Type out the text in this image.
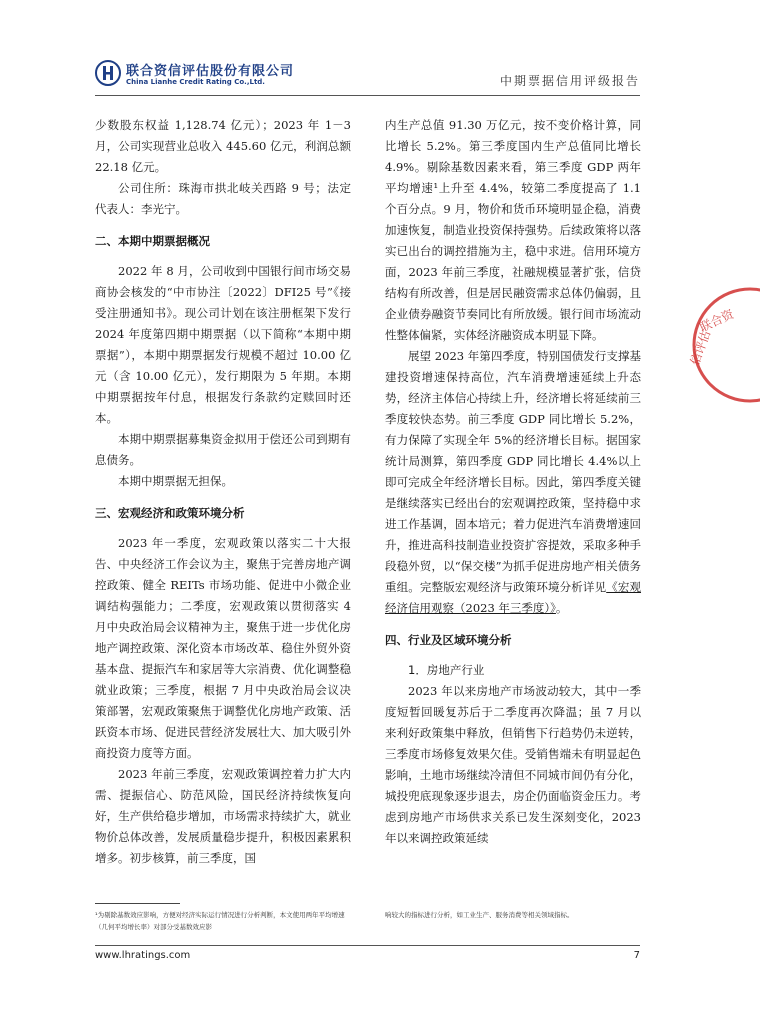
联合资信评估股份有限公司
China Lianhe Credit Rating Co.,Ltd.	中期票据信用评级报告

少数股东权益 1,128.74 亿元）；2023 年 1－3 月，公司实现营业总收入 445.60 亿元，利润总额 22.18 亿元。

公司住所：珠海市拱北岐关西路 9 号；法定代表人：李光宁。

二、本期中期票据概况

2022 年 8 月，公司收到中国银行间市场交易商协会核发的“中市协注〔2022〕DFI25 号”《接受注册通知书》。现公司计划在该注册框架下发行 2024 年度第四期中期票据（以下简称“本期中期票据”），本期中期票据发行规模不超过 10.00 亿元（含 10.00 亿元），发行期限为 5 年期。本期中期票据按年付息，根据发行条款约定赎回时还本。

本期中期票据募集资金拟用于偿还公司到期有息债务。

本期中期票据无担保。

三、宏观经济和政策环境分析

2023 年一季度，宏观政策以落实二十大报告、中央经济工作会议为主，聚焦于完善房地产调控政策、健全 REITs 市场功能、促进中小微企业调结构强能力；二季度，宏观政策以贯彻落实 4 月中央政治局会议精神为主，聚焦于进一步优化房地产调控政策、深化资本市场改革、稳住外贸外资基本盘、提振汽车和家居等大宗消费、优化调整稳就业政策；三季度，根据 7 月中央政治局会议决策部署，宏观政策聚焦于调整优化房地产政策、活跃资本市场、促进民营经济发展壮大、加大吸引外商投资力度等方面。

2023 年前三季度，宏观政策调控着力扩大内需、提振信心、防范风险，国民经济持续恢复向好，生产供给稳步增加，市场需求持续扩大，就业物价总体改善，发展质量稳步提升，积极因素累积增多。初步核算，前三季度，国

内生产总值 91.30 万亿元，按不变价格计算，同比增长 5.2%。第三季度国内生产总值同比增长 4.9%。剔除基数因素来看，第三季度 GDP 两年平均增速¹上升至 4.4%，较第二季度提高了 1.1 个百分点。9 月，物价和货币环境明显企稳，消费加速恢复，制造业投资保持强势。后续政策将以落实已出台的调控措施为主，稳中求进。信用环境方面，2023 年前三季度，社融规模显著扩张，信贷结构有所改善，但是居民融资需求总体仍偏弱，且企业债券融资节奏同比有所放缓。银行间市场流动性整体偏紧，实体经济融资成本明显下降。

展望 2023 年第四季度，特别国债发行支撑基建投资增速保持高位，汽车消费增速延续上升态势，经济主体信心持续上升，经济增长将延续前三季度较快态势。前三季度 GDP 同比增长 5.2%，有力保障了实现全年 5%的经济增长目标。据国家统计局测算，第四季度 GDP 同比增长 4.4%以上即可完成全年经济增长目标。因此，第四季度关键是继续落实已经出台的宏观调控政策，坚持稳中求进工作基调，固本培元；着力促进汽车消费增速回升，推进高科技制造业投资扩容提效，采取多种手段稳外贸，以“保交楼”为抓手促进房地产相关债务重组。完整版宏观经济与政策环境分析详见《宏观经济信用观察（2023 年三季度）》。

四、行业及区域环境分析

1．房地产行业

2023 年以来房地产市场波动较大，其中一季度短暂回暖复苏后于二季度再次降温；虽 7 月以来利好政策集中释放，但销售下行趋势仍未逆转，三季度市场修复效果欠佳。受销售端未有明显起色影响，土地市场继续冷清但不同城市间仍有分化，城投兜底现象逐步退去，房企仍面临资金压力。考虑到房地产市场供求关系已发生深刻变化，2023 年以来调控政策延续

¹为剔除基数效应影响，方便对经济实际运行情况进行分析判断，本文使用两年平均增速（几何平均增长率）对部分受基数效应影
响较大的指标进行分析，如工业生产、服务消费等相关领域指标。
www.lhratings.com	7
联合资
信评估
